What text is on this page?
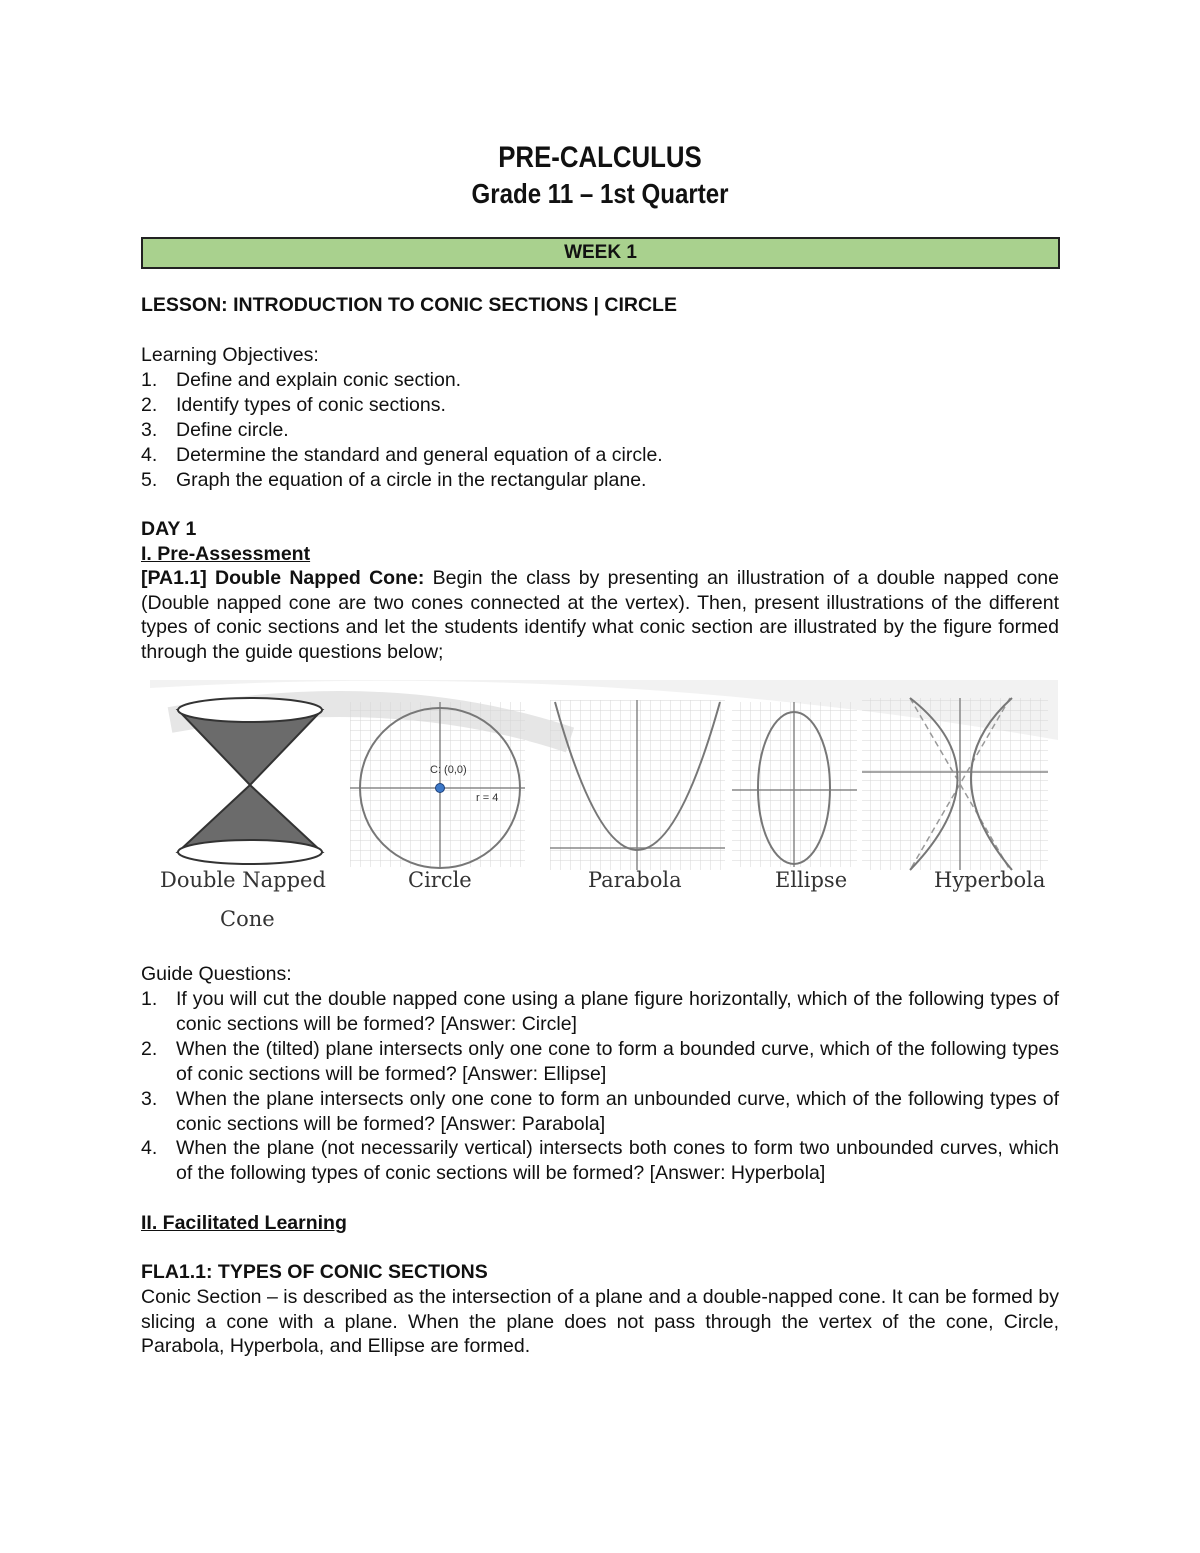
PRE-CALCULUS
Grade 11 – 1st Quarter
WEEK 1
LESSON: INTRODUCTION TO CONIC SECTIONS | CIRCLE
Learning Objectives:
1. Define and explain conic section.
2. Identify types of conic sections.
3. Define circle.
4. Determine the standard and general equation of a circle.
5. Graph the equation of a circle in the rectangular plane.
DAY 1
I. Pre-Assessment
[PA1.1] Double Napped Cone: Begin the class by presenting an illustration of a double napped cone (Double napped cone are two cones connected at the vertex). Then, present illustrations of the different types of conic sections and let the students identify what conic section are illustrated by the figure formed through the guide questions below;
C: (0,0)
r = 4
Double Napped
Cone
Circle	Parabola	Ellipse	Hyperbola
Guide Questions:
1. If you will cut the double napped cone using a plane figure horizontally, which of the following types of conic sections will be formed? [Answer: Circle]
2. When the (tilted) plane intersects only one cone to form a bounded curve, which of the following types of conic sections will be formed? [Answer: Ellipse]
3. When the plane intersects only one cone to form an unbounded curve, which of the following types of conic sections will be formed? [Answer: Parabola]
4. When the plane (not necessarily vertical) intersects both cones to form two unbounded curves, which of the following types of conic sections will be formed? [Answer: Hyperbola]
II. Facilitated Learning
FLA1.1: TYPES OF CONIC SECTIONS
Conic Section – is described as the intersection of a plane and a double-napped cone. It can be formed by slicing a cone with a plane. When the plane does not pass through the vertex of the cone, Circle, Parabola, Hyperbola, and Ellipse are formed.
